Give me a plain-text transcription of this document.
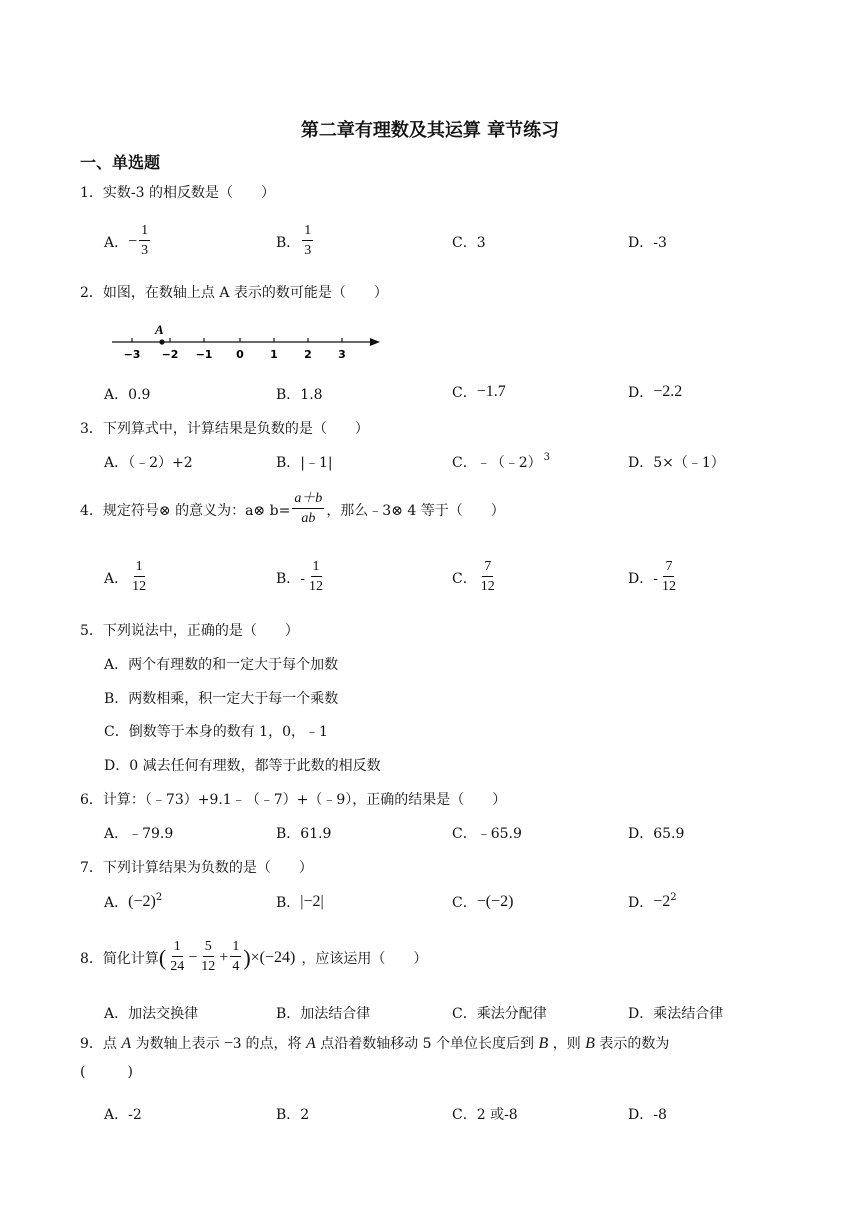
第二章有理数及其运算 章节练习
一、单选题
1．实数-3 的相反数是（　　）
A． − $\frac{1}{3}$	B． $\frac{1}{3}$	C．3	D．-3
2．如图，在数轴上点 A 表示的数可能是（　　）
−3 −2 −1 0 1 2 3
A
A．0.9	B．1.8	C． −1.7	D． −2.2
3．下列算式中，计算结果是负数的是（　　）
A．（﹣2）+2	B．|﹣1|	C．﹣（﹣2）$^3$	D．5×（﹣1）
4．规定符号⊗ 的意义为：a⊗ $b= \frac{a+b}{ab}$ ，那么﹣3⊗ 4 等于（　　）
A． $\frac{1}{12}$	B．- $\frac{1}{12}$	C． $\frac{7}{12}$	D．- $\frac{7}{12}$
5．下列说法中，正确的是（　　）
A．两个有理数的和一定大于每个加数
B．两数相乘，积一定大于每一个乘数
C．倒数等于本身的数有 1，0，﹣1
D．0 减去任何有理数，都等于此数的相反数
6．计算：（﹣73）+9.1﹣（﹣7）+（﹣9），正确的结果是（　　）
A．﹣79.9	B．61.9	C．﹣65.9	D．65.9
7．下列计算结果为负数的是（　　）
A． $(-2)^2$	B． |−2|	C． −(−2)	D． $-2^2$
8．简化计算 ( $\frac{1}{24} - \frac{5}{12} + \frac{1}{4}$ ) ×(−24) ，应该运用（　　）
A．加法交换律	B．加法结合律	C．乘法分配律	D．乘法结合律
9．点 A 为数轴上表示 −3 的点，将 A 点沿着数轴移动 5 个单位长度后到 B ，则 B 表示的数为
(　　　)
A．-2	B．2	C．2 或-8	D．-8
